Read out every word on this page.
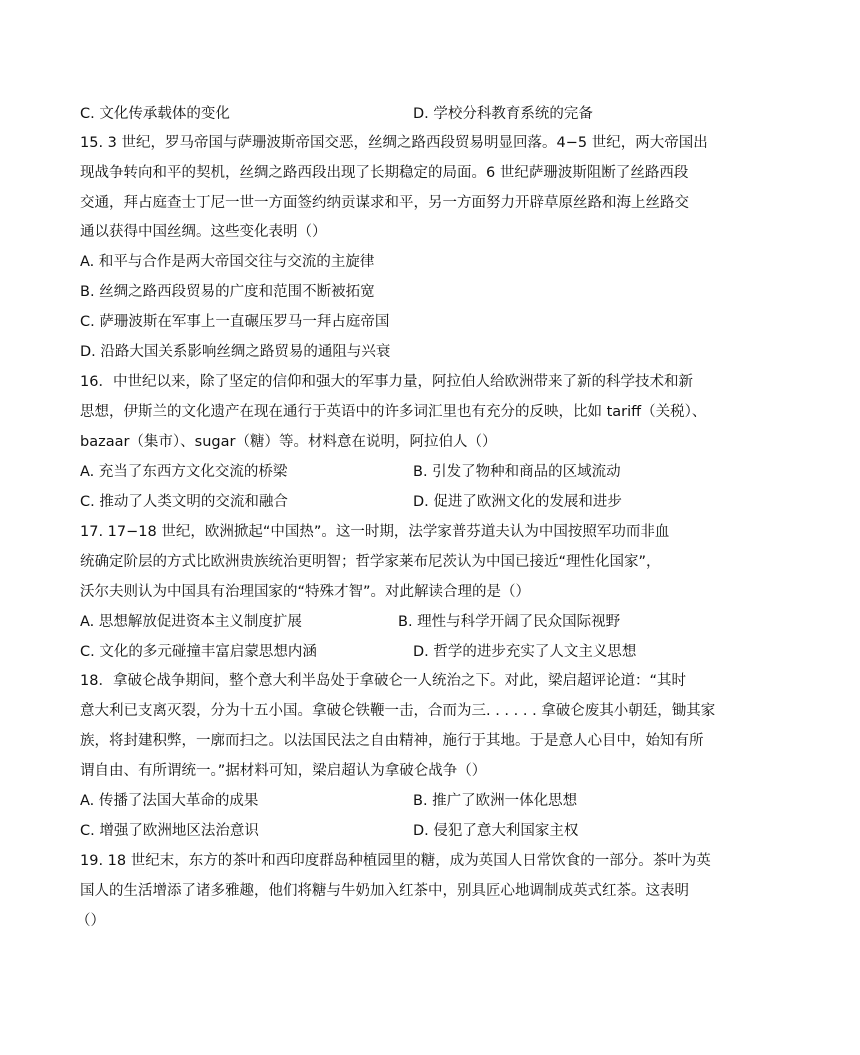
C. 文化传承载体的变化	D. 学校分科教育系统的完备
15. 3 世纪，罗马帝国与萨珊波斯帝国交恶，丝绸之路西段贸易明显回落。4−5 世纪，两大帝国出
现战争转向和平的契机，丝绸之路西段出现了长期稳定的局面。6 世纪萨珊波斯阻断了丝路西段
交通，拜占庭查士丁尼一世一方面签约纳贡谋求和平，另一方面努力开辟草原丝路和海上丝路交
通以获得中国丝绸。这些变化表明（）
A. 和平与合作是两大帝国交往与交流的主旋律
B. 丝绸之路西段贸易的广度和范围不断被拓宽
C. 萨珊波斯在军事上一直碾压罗马一拜占庭帝国
D. 沿路大国关系影响丝绸之路贸易的通阻与兴衰
16．中世纪以来，除了坚定的信仰和强大的军事力量，阿拉伯人给欧洲带来了新的科学技术和新
思想，伊斯兰的文化遗产在现在通行于英语中的许多词汇里也有充分的反映，比如 tariff（关税）、
bazaar（集市）、sugar（糖）等。材料意在说明，阿拉伯人（）
A. 充当了东西方文化交流的桥梁	B. 引发了物种和商品的区域流动
C. 推动了人类文明的交流和融合	D. 促进了欧洲文化的发展和进步
17. 17−18 世纪，欧洲掀起“中国热”。这一时期，法学家普芬道夫认为中国按照军功而非血
统确定阶层的方式比欧洲贵族统治更明智；哲学家莱布尼茨认为中国已接近“理性化国家”，
沃尔夫则认为中国具有治理国家的“特殊才智”。对此解读合理的是（）
A. 思想解放促进资本主义制度扩展	B. 理性与科学开阔了民众国际视野
C. 文化的多元碰撞丰富启蒙思想内涵	D. 哲学的进步充实了人文主义思想
18．拿破仑战争期间，整个意大利半岛处于拿破仑一人统治之下。对此，梁启超评论道：“其时
意大利已支离灭裂，分为十五小国。拿破仑铁鞭一击，合而为三. . . . . . 拿破仑废其小朝廷，锄其家
族，将封建积弊，一廓而扫之。以法国民法之自由精神，施行于其地。于是意人心目中，始知有所
谓自由、有所谓统一。”据材料可知，梁启超认为拿破仑战争（）
A. 传播了法国大革命的成果	B. 推广了欧洲一体化思想
C. 增强了欧洲地区法治意识	D. 侵犯了意大利国家主权
19. 18 世纪末，东方的茶叶和西印度群岛种植园里的糖，成为英国人日常饮食的一部分。茶叶为英
国人的生活增添了诸多雅趣，他们将糖与牛奶加入红茶中，别具匠心地调制成英式红茶。这表明
（）
